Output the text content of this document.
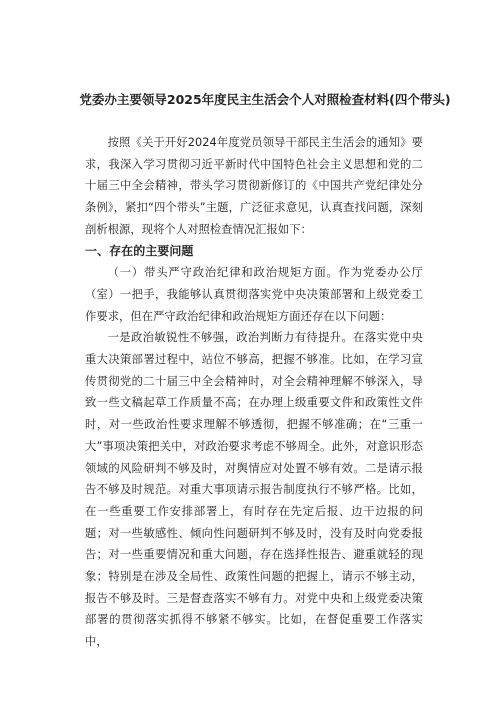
党委办主要领导2025年度民主生活会个人对照检查材料(四个带头)

按照《关于开好2024年度党员领导干部民主生活会的通知》要求，我深入学习贯彻习近平新时代中国特色社会主义思想和党的二十届三中全会精神，带头学习贯彻新修订的《中国共产党纪律处分条例》，紧扣“四个带头”主题，广泛征求意见，认真查找问题，深刻剖析根源，现将个人对照检查情况汇报如下：

一、存在的主要问题

（一）带头严守政治纪律和政治规矩方面。作为党委办公厅（室）一把手，我能够认真贯彻落实党中央决策部署和上级党委工作要求，但在严守政治纪律和政治规矩方面还存在以下问题：

一是政治敏锐性不够强，政治判断力有待提升。在落实党中央重大决策部署过程中，站位不够高，把握不够准。比如，在学习宣传贯彻党的二十届三中全会精神时，对全会精神理解不够深入，导致一些文稿起草工作质量不高；在办理上级重要文件和政策性文件时，对一些政治性要求理解不够透彻，把握不够准确；在“三重一大”事项决策把关中，对政治要求考虑不够周全。此外，对意识形态领域的风险研判不够及时，对舆情应对处置不够有效。二是请示报告不够及时规范。对重大事项请示报告制度执行不够严格。比如，在一些重要工作安排部署上，有时存在先定后报、边干边报的问题；对一些敏感性、倾向性问题研判不够及时，没有及时向党委报告；对一些重要情况和重大问题，存在选择性报告、避重就轻的现象；特别是在涉及全局性、政策性问题的把握上，请示不够主动，报告不够及时。三是督查落实不够有力。对党中央和上级党委决策部署的贯彻落实抓得不够紧不够实。比如，在督促重要工作落实中，
